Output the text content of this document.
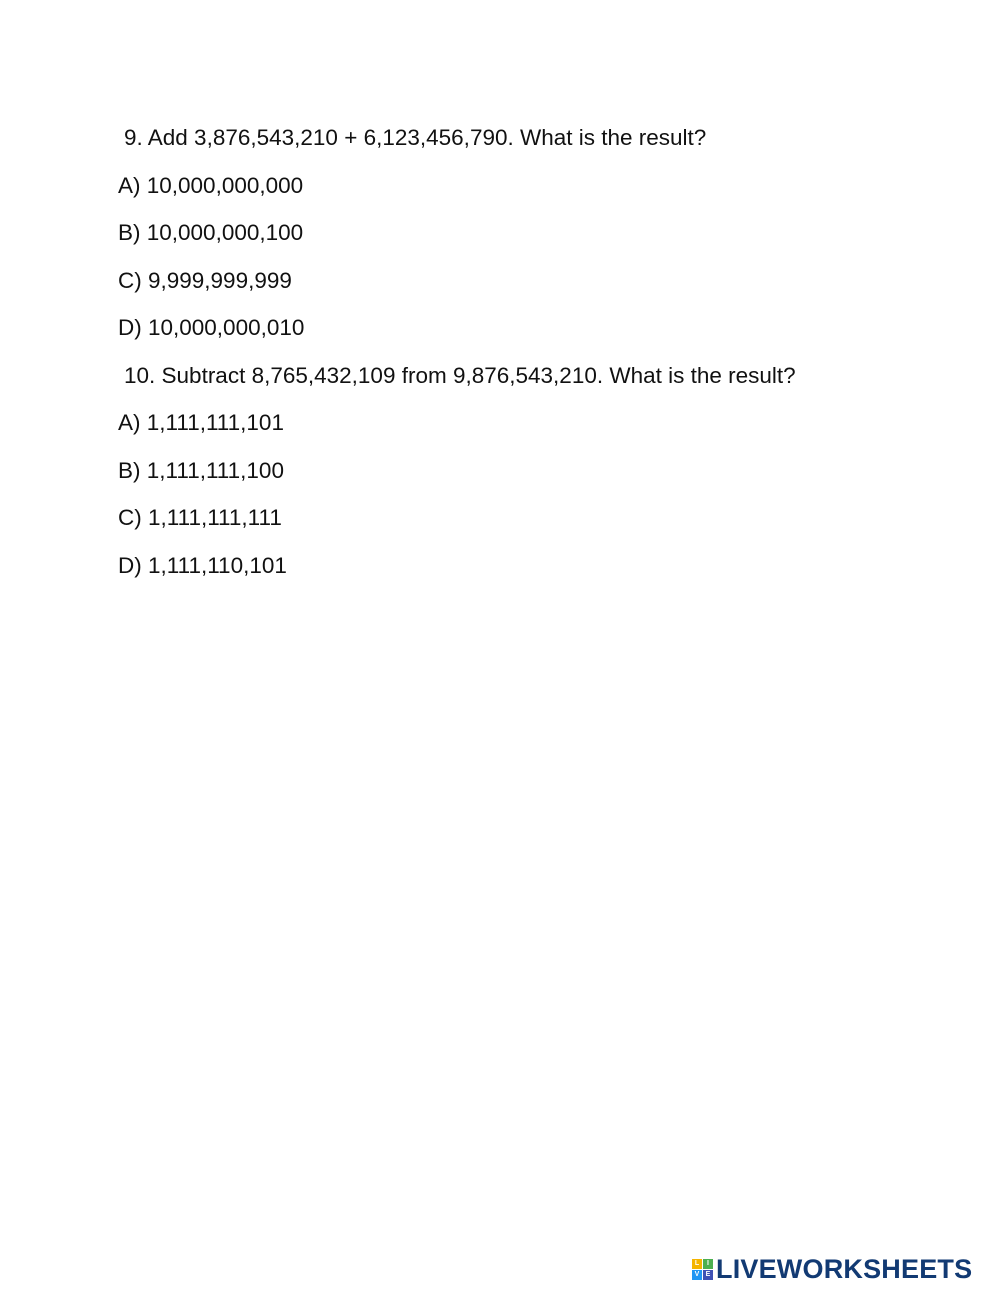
9. Add 3,876,543,210 + 6,123,456,790. What is the result?
A) 10,000,000,000
B) 10,000,000,100
C) 9,999,999,999
D) 10,000,000,010
10. Subtract 8,765,432,109 from 9,876,543,210. What is the result?
A) 1,111,111,101
B) 1,111,111,100
C) 1,111,111,111
D) 1,111,110,101
L	I
V E LIVEWORKSHEETS
